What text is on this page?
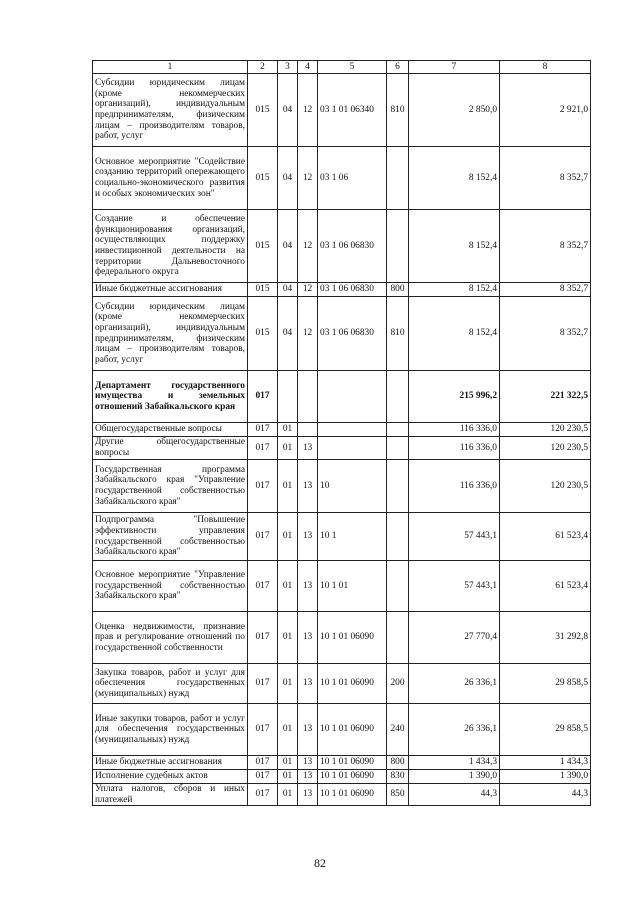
1	2	3	4	5	6	7	8
Субсидии юридическим лицам (кроме некоммерческих организаций), индивидуальным предпринимателям, физическим лицам – производителям товаров, работ, услуг	015	04	12	03 1 01 06340	810	2 850,0	2 921,0
Основное мероприятие "Содействие созданию территорий опережающего социально-экономического развития и особых экономических зон"	015	04	12	03 1 06		8 152,4	8 352,7
Создание и обеспечение функционирования организаций, осуществляющих поддержку инвестиционной деятельности на территории Дальневосточного федерального округа	015	04	12	03 1 06 06830		8 152,4	8 352,7
Иные бюджетные ассигнования	015	04	12	03 1 06 06830	800	8 152,4	8 352,7
Субсидии юридическим лицам (кроме некоммерческих организаций), индивидуальным предпринимателям, физическим лицам – производителям товаров, работ, услуг	015	04	12	03 1 06 06830	810	8 152,4	8 352,7
Департамент государственного имущества и земельных отношений Забайкальского края	017					215 996,2	221 322,5
Общегосударственные вопросы	017	01				116 336,0	120 230,5
Другие общегосударственные вопросы	017	01	13			116 336,0	120 230,5
Государственная программа Забайкальского края "Управление государственной собственностью Забайкальского края"	017	01	13	10		116 336,0	120 230,5
Подпрограмма "Повышение эффективности управления государственной собственностью Забайкальского края"	017	01	13	10 1		57 443,1	61 523,4
Основное мероприятие "Управление государственной собственностью Забайкальского края"	017	01	13	10 1 01		57 443,1	61 523,4
Оценка недвижимости, признание прав и регулирование отношений по государственной собственности	017	01	13	10 1 01 06090		27 770,4	31 292,8
Закупка товаров, работ и услуг для обеспечения государственных (муниципальных) нужд	017	01	13	10 1 01 06090	200	26 336,1	29 858,5
Иные закупки товаров, работ и услуг для обеспечения государственных (муниципальных) нужд	017	01	13	10 1 01 06090	240	26 336,1	29 858,5
Иные бюджетные ассигнования	017	01	13	10 1 01 06090	800	1 434,3	1 434,3
Исполнение судебных актов	017	01	13	10 1 01 06090	830	1 390,0	1 390,0
Уплата налогов, сборов и иных платежей	017	01	13	10 1 01 06090	850	44,3	44,3
82
